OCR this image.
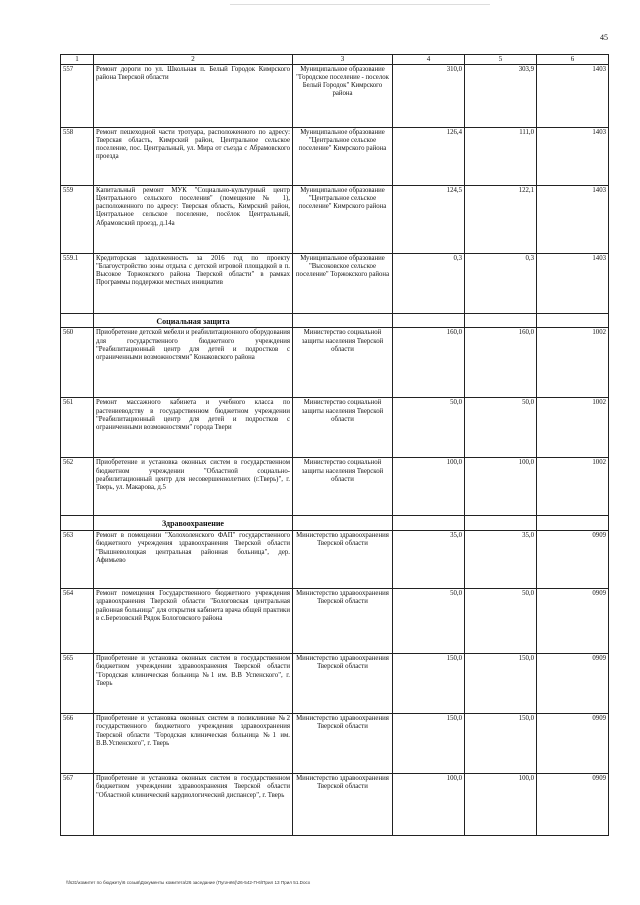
45
1	2	3	4	5	6
557	Ремонт дороги по ул. Школьная п. Белый Городок Кимрского района Тверской области	Муниципальное образование "Городское поселение - поселок Белый Городок" Кимрского района	310,0	303,9	1403
558	Ремонт пешеходной части тротуара, расположенного по адресу: Тверская область, Кимрский район, Центральное сельское поселение, пос. Центральный, ул. Мира от съезда с Абрамовского проезда	Муниципальное образование "Центральное сельское поселение" Кимрского района	126,4	111,0	1403
559	Капитальный ремонт МУК "Социально-культурный центр Центрального сельского поселения" (помещение № 1), расположенного по адресу: Тверская область, Кимрский район, Центральное сельское поселение, посёлок Центральный, Абрамовский проезд, д.14а	Муниципальное образование "Центральное сельское поселение" Кимрского района	124,5	122,1	1403
559.1	Кредиторская задолженность за 2016 год по проекту "Благоустройство зоны отдыха с детской игровой площадкой в п. Высокое Торжокского района Тверской области" в рамках Программы поддержки местных инициатив	Муниципальное образование "Высоковское сельское поселение" Торжокского района	0,3	0,3	1403
	Социальная защита				
560	Приобретение детской мебели и реабилитационного оборудования для государственного бюджетного учреждения "Реабилитационный центр для детей и подростков с ограниченными возможностями" Конаковского района	Министерство социальной защиты населения Тверской области	160,0	160,0	1002
561	Ремонт массажного кабинета и учебного класса по растениеводству в государственном бюджетном учреждении "Реабилитационный центр для детей и подростков с ограниченными возможностями" города Твери	Министерство социальной защиты населения Тверской области	50,0	50,0	1002
562	Приобретение и установка оконных систем в государственном бюджетном учреждении "Областной социально-реабилитационный центр для несовершеннолетних (г.Тверь)", г. Тверь, ул. Макарова, д.5	Министерство социальной защиты населения Тверской области	100,0	100,0	1002
	Здравоохранение				
563	Ремонт в помещении "Холохоленского ФАП" государственного бюджетного учреждения здравоохранения Тверской области "Вышневолоцкая центральная районная больница", дер. Афимьево	Министерство здравоохранения Тверской области	35,0	35,0	0909
564	Ремонт помещения Государственного бюджетного учреждения здравоохранения Тверской области "Бологовская центральная районная больница" для открытия кабинета врача общей практики в с.Березовский Рядок Бологовского района	Министерство здравоохранения Тверской области	50,0	50,0	0909
565	Приобретение и установка оконных систем в государственном бюджетном учреждении здравоохранения Тверской области "Городская клиническая больница №1 им. В.В Успенского", г. Тверь	Министерство здравоохранения Тверской области	150,0	150,0	0909
566	Приобретение и установка оконных систем в поликлинике №2 государственного бюджетного учреждения здравоохранения Тверской области "Городская клиническая больница №1 им. В.В.Успенского", г. Тверь	Министерство здравоохранения Тверской области	150,0	150,0	0909
567	Приобретение и установка оконных систем в государственном бюджетном учреждении здравоохранения Тверской области "Областной клинический кардиологический диспансер", г. Тверь	Министерство здравоохранения Тверской области	100,0	100,0	0909
\\fs31\комитет по бюджету\6 созыв\Документы комитета\26 заседание (Пугачёв)\26-542-П-6\Прил 13 Прил 51.Docx
